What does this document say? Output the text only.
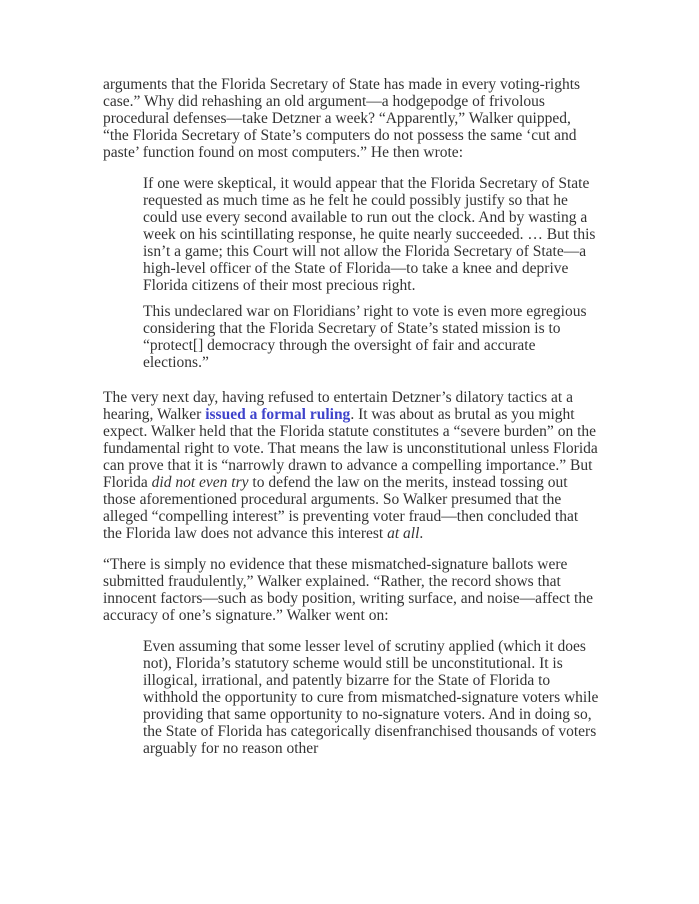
arguments that the Florida Secretary of State has made in every voting-rights case.” Why did rehashing an old argument—a hodgepodge of frivolous procedural defenses—take Detzner a week? “Apparently,” Walker quipped, “the Florida Secretary of State’s computers do not possess the same ‘cut and paste’ function found on most computers.” He then wrote:

If one were skeptical, it would appear that the Florida Secretary of State requested as much time as he felt he could possibly justify so that he could use every second available to run out the clock. And by wasting a week on his scintillating response, he quite nearly succeeded. … But this isn’t a game; this Court will not allow the Florida Secretary of State—a high-level officer of the State of Florida—to take a knee and deprive Florida citizens of their most precious right.

This undeclared war on Floridians’ right to vote is even more egregious considering that the Florida Secretary of State’s stated mission is to “protect[] democracy through the oversight of fair and accurate elections.”

The very next day, having refused to entertain Detzner’s dilatory tactics at a hearing, Walker issued a formal ruling. It was about as brutal as you might expect. Walker held that the Florida statute constitutes a “severe burden” on the fundamental right to vote. That means the law is unconstitutional unless Florida can prove that it is “narrowly drawn to advance a compelling importance.” But Florida did not even try to defend the law on the merits, instead tossing out those aforementioned procedural arguments. So Walker presumed that the alleged “compelling interest” is preventing voter fraud—then concluded that the Florida law does not advance this interest at all.

“There is simply no evidence that these mismatched-signature ballots were submitted fraudulently,” Walker explained. “Rather, the record shows that innocent factors—such as body position, writing surface, and noise—affect the accuracy of one’s signature.” Walker went on:

Even assuming that some lesser level of scrutiny applied (which it does not), Florida’s statutory scheme would still be unconstitutional. It is illogical, irrational, and patently bizarre for the State of Florida to withhold the opportunity to cure from mismatched-signature voters while providing that same opportunity to no-signature voters. And in doing so, the State of Florida has categorically disenfranchised thousands of voters arguably for no reason other
